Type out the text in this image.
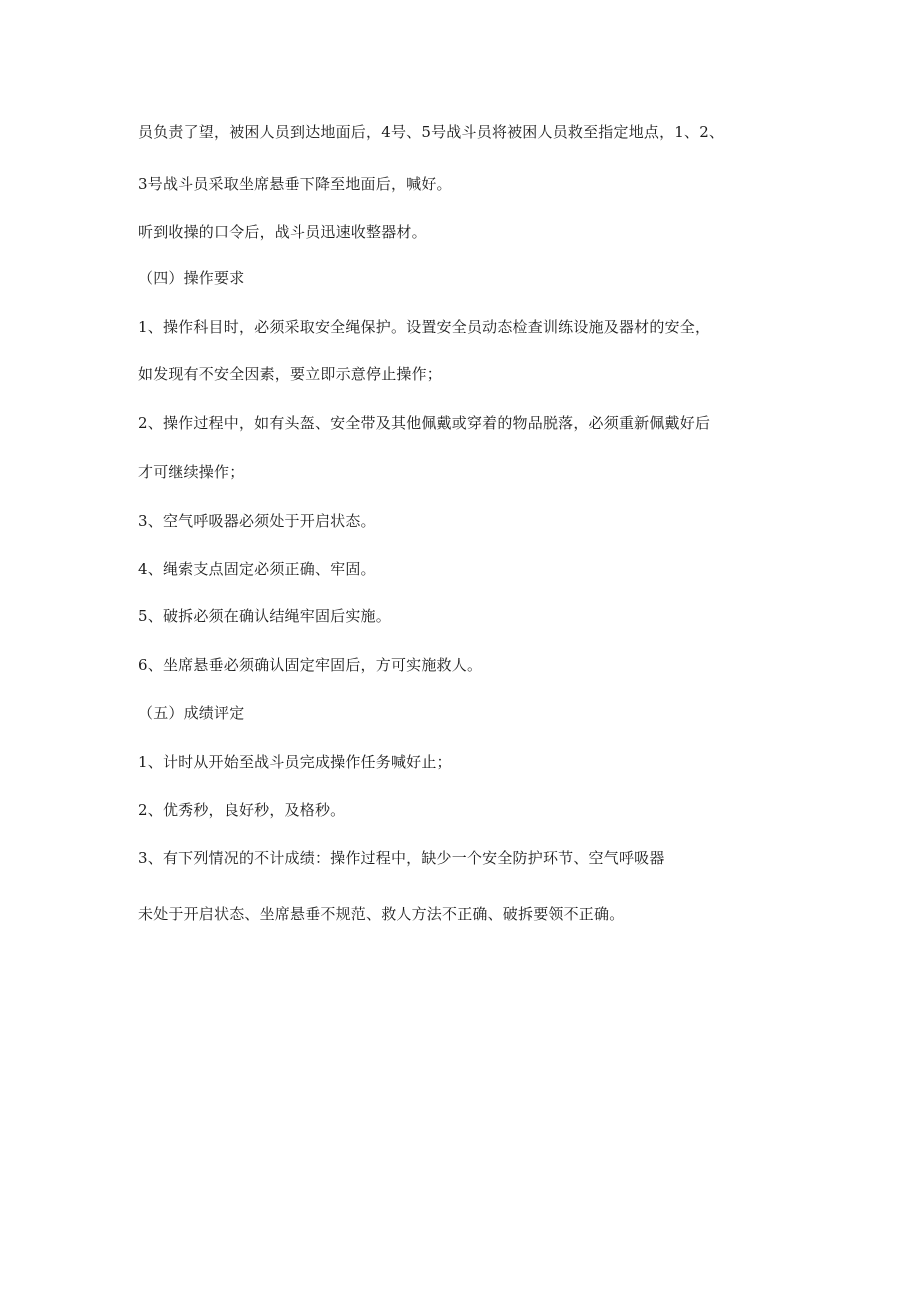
员负责了望，被困人员到达地面后，4号、5号战斗员将被困人员救至指定地点，1、2、
3号战斗员采取坐席悬垂下降至地面后，喊好。
听到收操的口令后，战斗员迅速收整器材。
（四）操作要求
1、操作科目时，必须采取安全绳保护。设置安全员动态检查训练设施及器材的安全，
如发现有不安全因素，要立即示意停止操作；
2、操作过程中，如有头盔、安全带及其他佩戴或穿着的物品脱落，必须重新佩戴好后
才可继续操作；
3、空气呼吸器必须处于开启状态。
4、绳索支点固定必须正确、牢固。
5、破拆必须在确认结绳牢固后实施。
6、坐席悬垂必须确认固定牢固后，方可实施救人。
（五）成绩评定
1、计时从开始至战斗员完成操作任务喊好止；
2、优秀秒，良好秒，及格秒。
3、有下列情况的不计成绩：操作过程中，缺少一个安全防护环节、空气呼吸器
未处于开启状态、坐席悬垂不规范、救人方法不正确、破拆要领不正确。
